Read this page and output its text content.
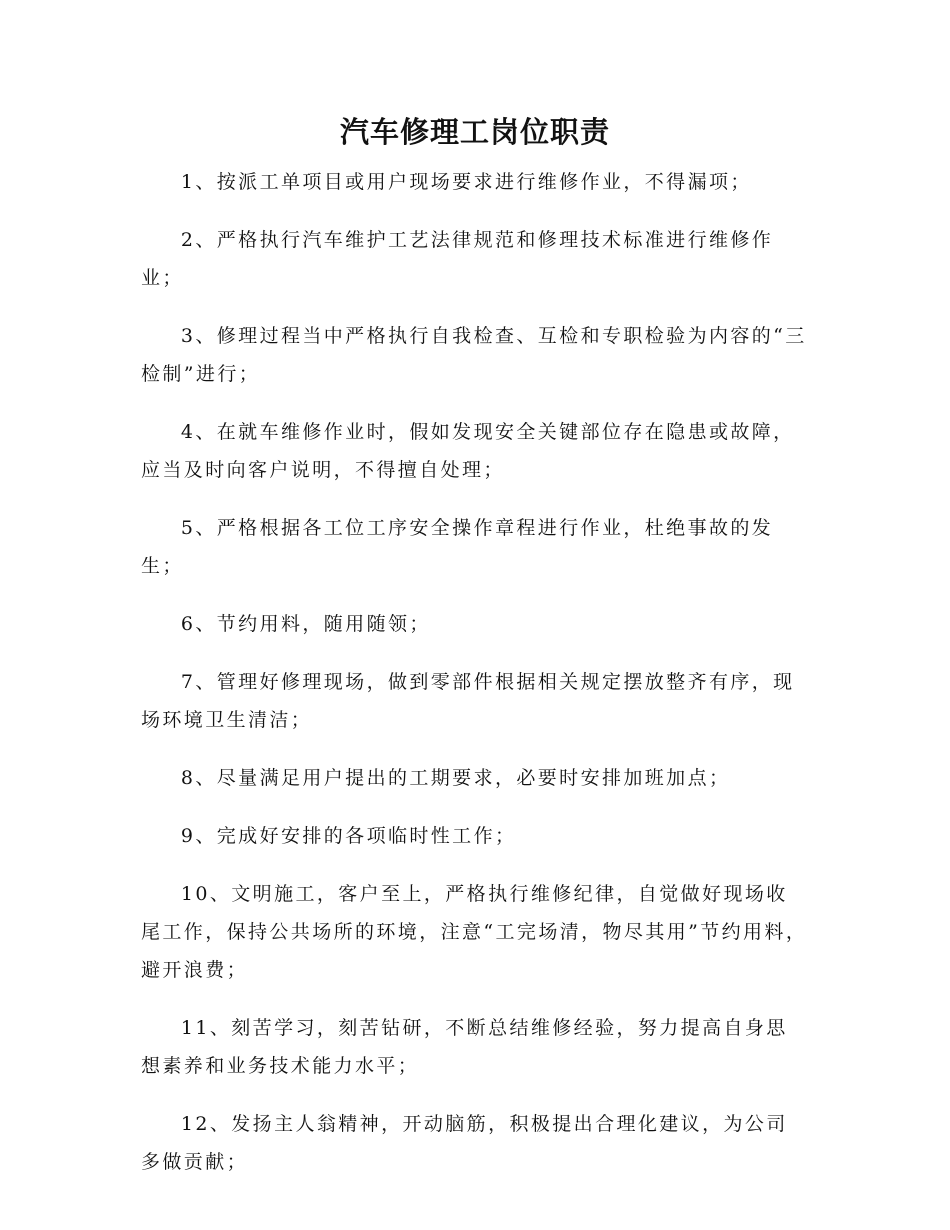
汽车修理工岗位职责

1、按派工单项目或用户现场要求进行维修作业，不得漏项；

2、严格执行汽车维护工艺法律规范和修理技术标准进行维修作业；

3、修理过程当中严格执行自我检查、互检和专职检验为内容的“三检制”进行；

4、在就车维修作业时，假如发现安全关键部位存在隐患或故障，应当及时向客户说明，不得擅自处理；

5、严格根据各工位工序安全操作章程进行作业，杜绝事故的发生；

6、节约用料，随用随领；

7、管理好修理现场，做到零部件根据相关规定摆放整齐有序，现场环境卫生清洁；

8、尽量满足用户提出的工期要求，必要时安排加班加点；

9、完成好安排的各项临时性工作；

10、文明施工，客户至上，严格执行维修纪律，自觉做好现场收尾工作，保持公共场所的环境，注意“工完场清，物尽其用”节约用料，避开浪费；

11、刻苦学习，刻苦钻研，不断总结维修经验，努力提高自身思想素养和业务技术能力水平；

12、发扬主人翁精神，开动脑筋，积极提出合理化建议，为公司多做贡献；
